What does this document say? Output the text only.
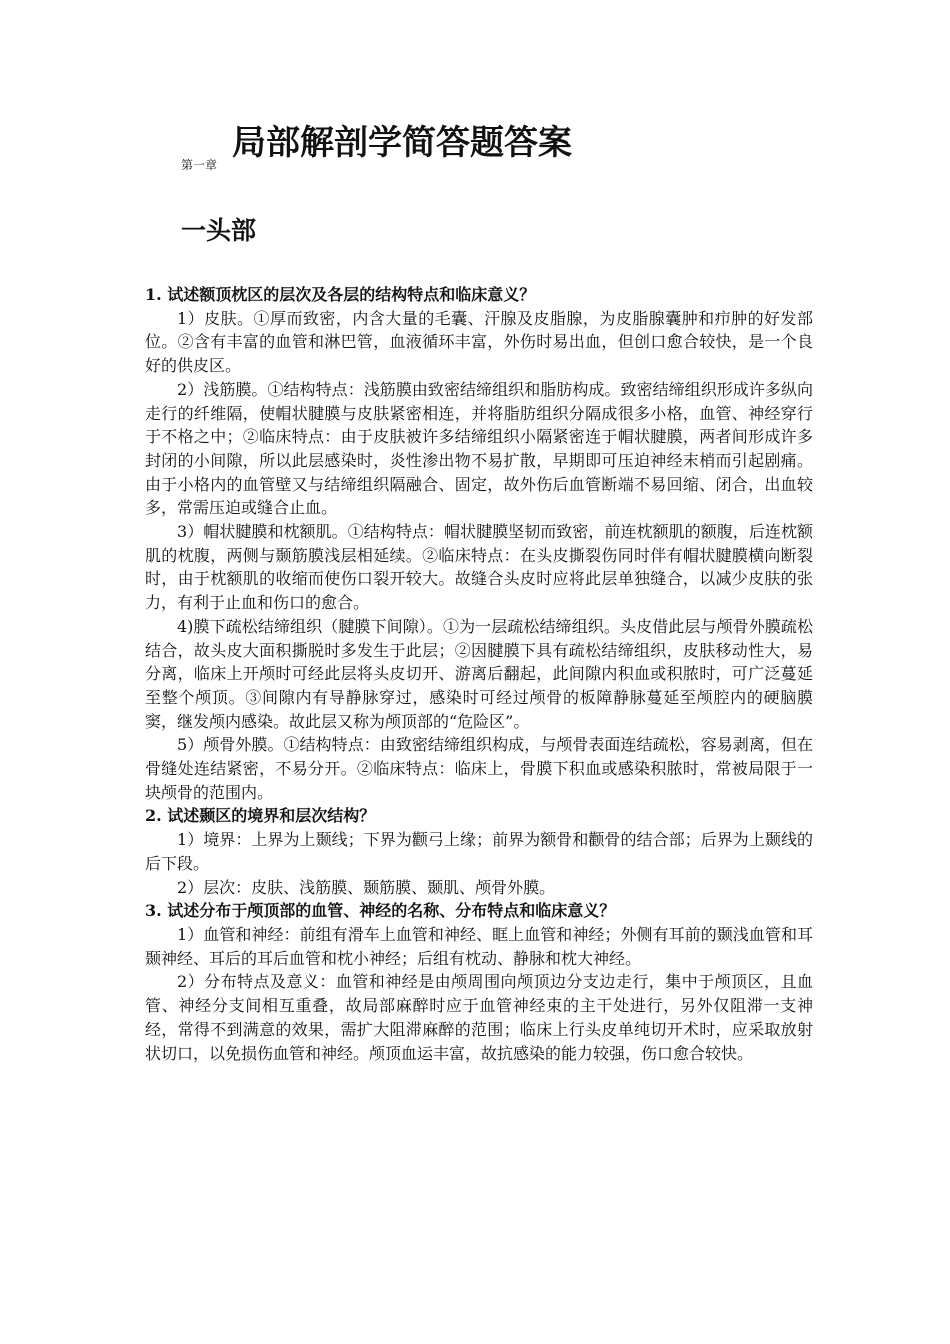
第一章
局部解剖学简答题答案
一头部
1. 试述额顶枕区的层次及各层的结构特点和临床意义？
1）皮肤。①厚而致密，内含大量的毛囊、汗腺及皮脂腺，为皮脂腺囊肿和疖肿的好发部位。②含有丰富的血管和淋巴管，血液循环丰富，外伤时易出血，但创口愈合较快，是一个良好的供皮区。
2）浅筋膜。①结构特点：浅筋膜由致密结缔组织和脂肪构成。致密结缔组织形成许多纵向走行的纤维隔，使帽状腱膜与皮肤紧密相连，并将脂肪组织分隔成很多小格，血管、神经穿行于不格之中；②临床特点：由于皮肤被许多结缔组织小隔紧密连于帽状腱膜，两者间形成许多封闭的小间隙，所以此层感染时，炎性渗出物不易扩散，早期即可压迫神经末梢而引起剧痛。由于小格内的血管壁又与结缔组织隔融合、固定，故外伤后血管断端不易回缩、闭合，出血较多，常需压迫或缝合止血。
3）帽状腱膜和枕额肌。①结构特点：帽状腱膜坚韧而致密，前连枕额肌的额腹，后连枕额肌的枕腹，两侧与颞筋膜浅层相延续。②临床特点：在头皮撕裂伤同时伴有帽状腱膜横向断裂时，由于枕额肌的收缩而使伤口裂开较大。故缝合头皮时应将此层单独缝合，以减少皮肤的张力，有利于止血和伤口的愈合。
4)膜下疏松结缔组织（腱膜下间隙）。①为一层疏松结缔组织。头皮借此层与颅骨外膜疏松结合，故头皮大面积撕脱时多发生于此层；②因腱膜下具有疏松结缔组织，皮肤移动性大，易分离，临床上开颅时可经此层将头皮切开、游离后翻起，此间隙内积血或积脓时，可广泛蔓延至整个颅顶。③间隙内有导静脉穿过，感染时可经过颅骨的板障静脉蔓延至颅腔内的硬脑膜窦，继发颅内感染。故此层又称为颅顶部的“危险区”。
5）颅骨外膜。①结构特点：由致密结缔组织构成，与颅骨表面连结疏松，容易剥离，但在骨缝处连结紧密，不易分开。②临床特点：临床上，骨膜下积血或感染积脓时，常被局限于一块颅骨的范围内。
2. 试述颞区的境界和层次结构？
1）境界：上界为上颞线；下界为颧弓上缘；前界为额骨和颧骨的结合部；后界为上颞线的后下段。
2）层次：皮肤、浅筋膜、颞筋膜、颞肌、颅骨外膜。
3. 试述分布于颅顶部的血管、神经的名称、分布特点和临床意义？
1）血管和神经：前组有滑车上血管和神经、眶上血管和神经；外侧有耳前的颞浅血管和耳颞神经、耳后的耳后血管和枕小神经；后组有枕动、静脉和枕大神经。
2）分布特点及意义：血管和神经是由颅周围向颅顶边分支边走行，集中于颅顶区，且血管、神经分支间相互重叠，故局部麻醉时应于血管神经束的主干处进行，另外仅阻滞一支神经，常得不到满意的效果，需扩大阻滞麻醉的范围；临床上行头皮单纯切开术时，应采取放射状切口，以免损伤血管和神经。颅顶血运丰富，故抗感染的能力较强，伤口愈合较快。
